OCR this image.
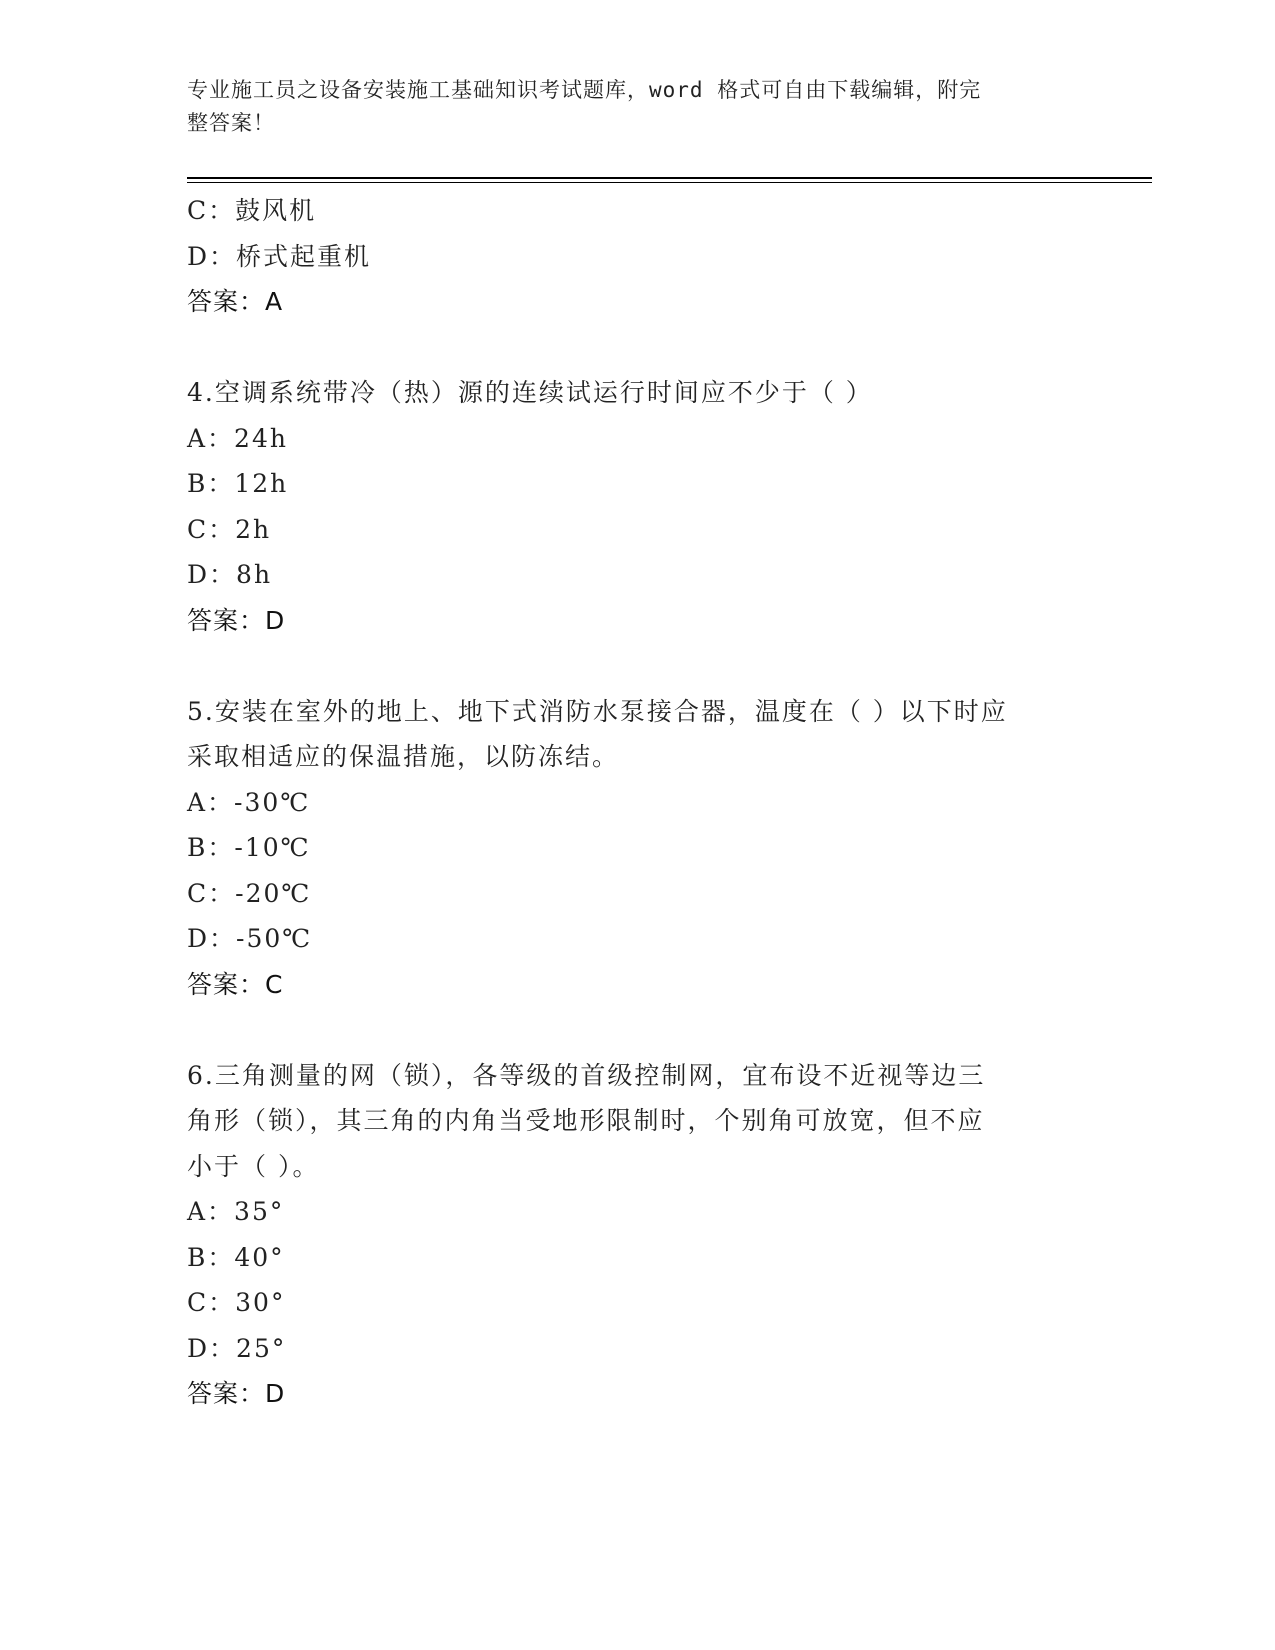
专业施工员之设备安装施工基础知识考试题库，word 格式可自由下载编辑，附完
整答案！
C：鼓风机
D：桥式起重机
答案：A
4.空调系统带冷（热）源的连续试运行时间应不少于（ ）
A：24h
B：12h
C：2h
D：8h
答案：D
5.安装在室外的地上、地下式消防水泵接合器，温度在（ ）以下时应
采取相适应的保温措施，以防冻结。
A：-30℃
B：-10℃
C：-20℃
D：-50℃
答案：C
6.三角测量的网（锁），各等级的首级控制网，宜布设不近视等边三
角形（锁），其三角的内角当受地形限制时，个别角可放宽，但不应
小于（ ）。
A：35°
B：40°
C：30°
D：25°
答案：D
